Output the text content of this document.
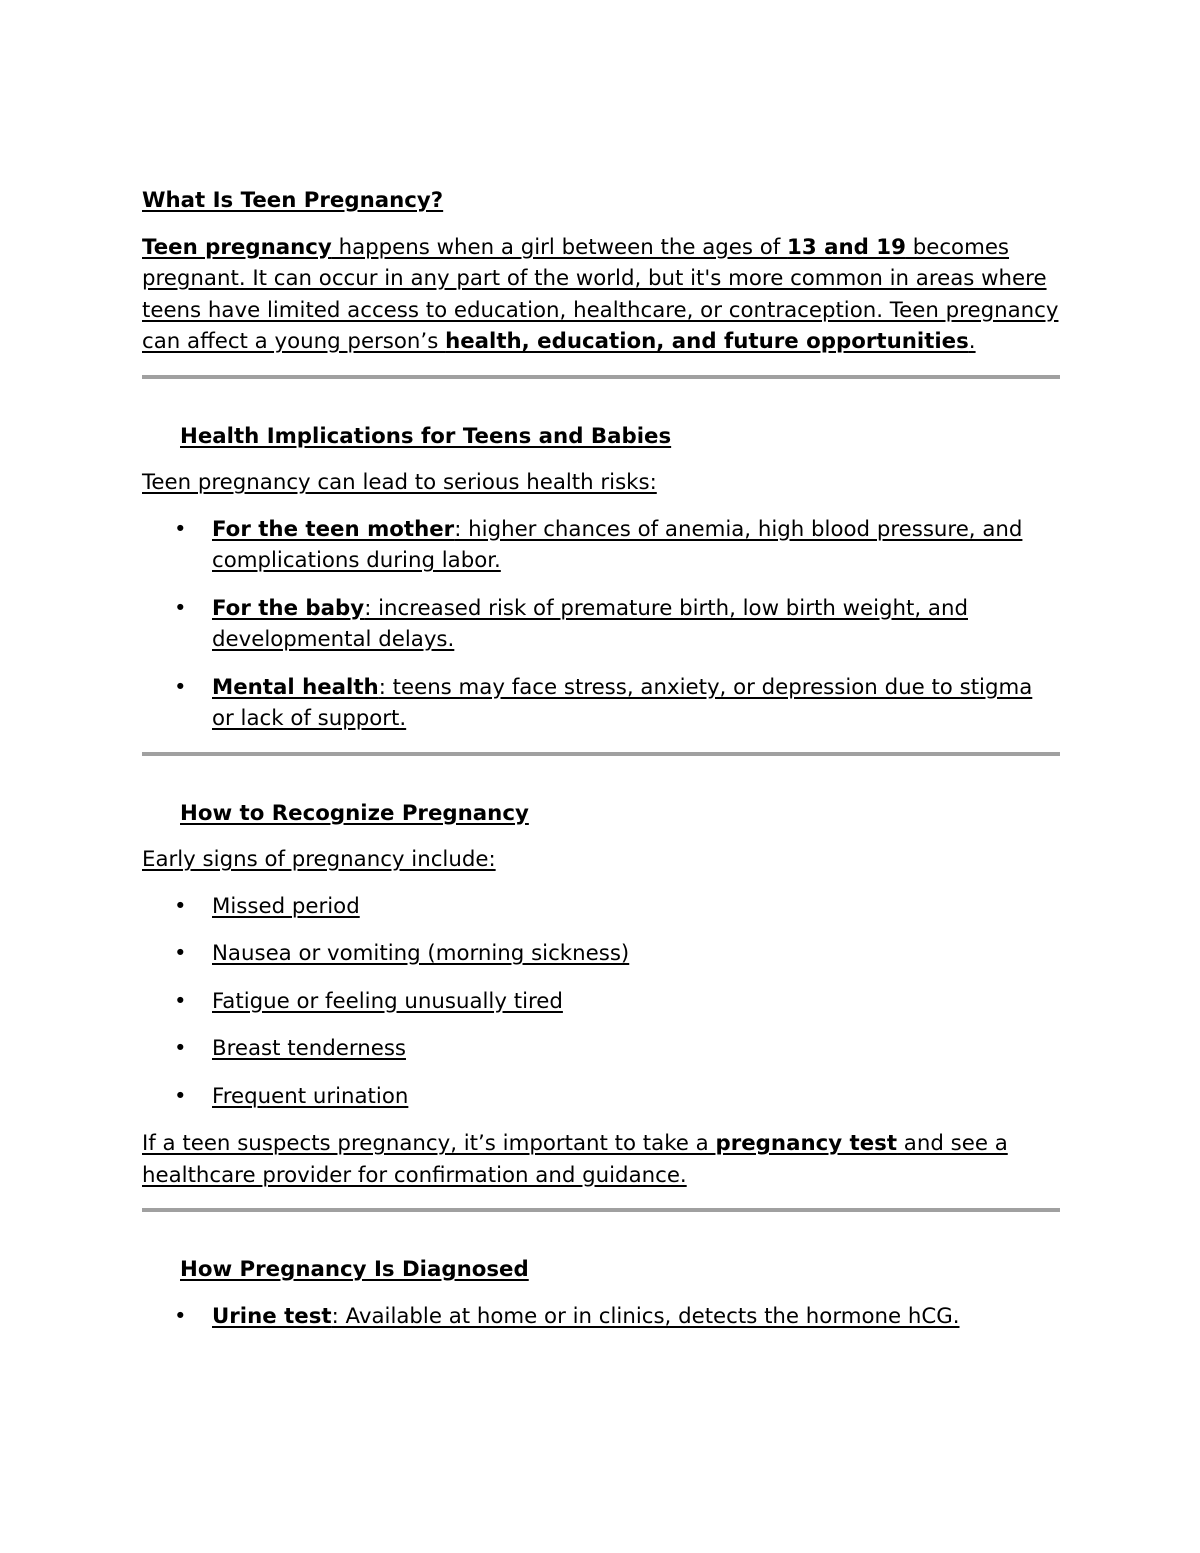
What Is Teen Pregnancy?

Teen pregnancy happens when a girl between the ages of 13 and 19 becomes pregnant. It can occur in any part of the world, but it's more common in areas where teens have limited access to education, healthcare, or contraception. Teen pregnancy can affect a young person’s health, education, and future opportunities.

Health Implications for Teens and Babies

Teen pregnancy can lead to serious health risks:

• For the teen mother: higher chances of anemia, high blood pressure, and complications during labor.
• For the baby: increased risk of premature birth, low birth weight, and developmental delays.
• Mental health: teens may face stress, anxiety, or depression due to stigma or lack of support.

How to Recognize Pregnancy

Early signs of pregnancy include:

• Missed period
• Nausea or vomiting (morning sickness)
• Fatigue or feeling unusually tired
• Breast tenderness
• Frequent urination

If a teen suspects pregnancy, it’s important to take a pregnancy test and see a healthcare provider for confirmation and guidance.

How Pregnancy Is Diagnosed

• Urine test: Available at home or in clinics, detects the hormone hCG.
